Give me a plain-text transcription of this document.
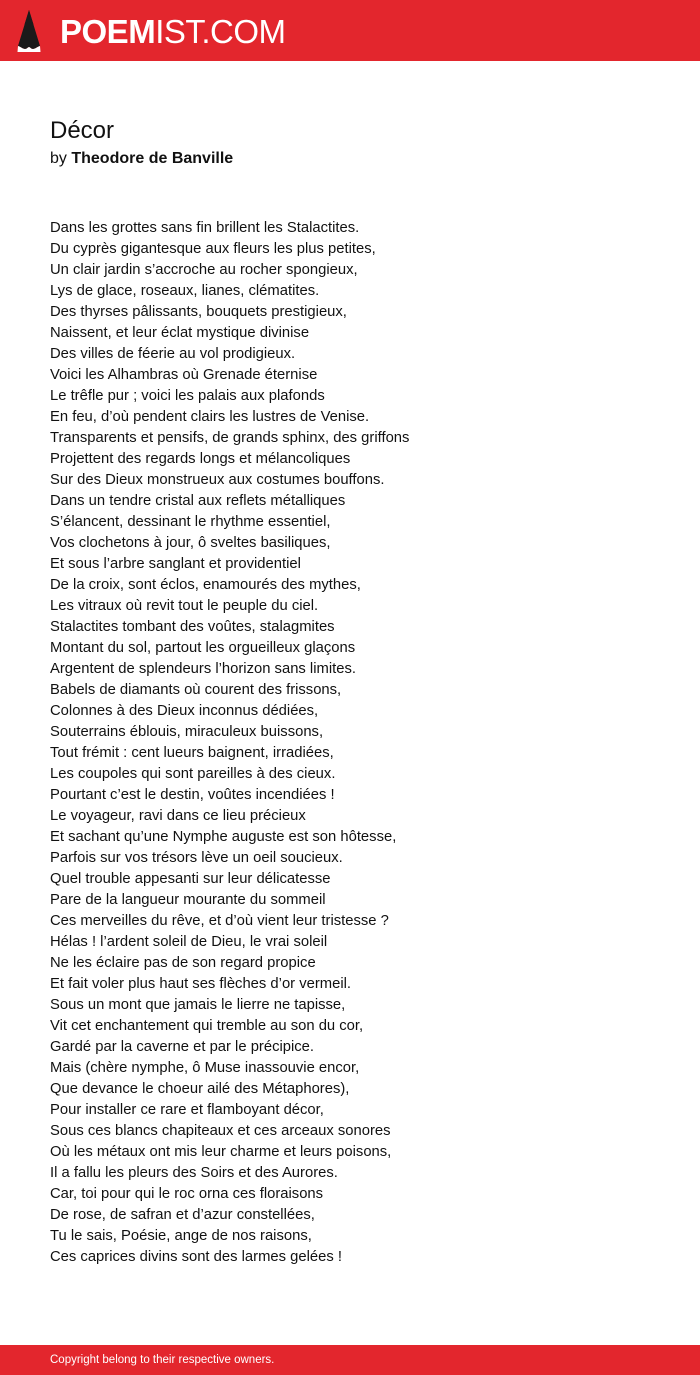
POEMIST.COM
Décor
by Theodore de Banville
Dans les grottes sans fin brillent les Stalactites.
Du cyprès gigantesque aux fleurs les plus petites,
Un clair jardin s’accroche au rocher spongieux,
Lys de glace, roseaux, lianes, clématites.
Des thyrses pâlissants, bouquets prestigieux,
Naissent, et leur éclat mystique divinise
Des villes de féerie au vol prodigieux.
Voici les Alhambras où Grenade éternise
Le trêfle pur ; voici les palais aux plafonds
En feu, d’où pendent clairs les lustres de Venise.
Transparents et pensifs, de grands sphinx, des griffons
Projettent des regards longs et mélancoliques
Sur des Dieux monstrueux aux costumes bouffons.
Dans un tendre cristal aux reflets métalliques
S’élancent, dessinant le rhythme essentiel,
Vos clochetons à jour, ô sveltes basiliques,
Et sous l’arbre sanglant et providentiel
De la croix, sont éclos, enamourés des mythes,
Les vitraux où revit tout le peuple du ciel.
Stalactites tombant des voûtes, stalagmites
Montant du sol, partout les orgueilleux glaçons
Argentent de splendeurs l’horizon sans limites.
Babels de diamants où courent des frissons,
Colonnes à des Dieux inconnus dédiées,
Souterrains éblouis, miraculeux buissons,
Tout frémit : cent lueurs baignent, irradiées,
Les coupoles qui sont pareilles à des cieux.
Pourtant c’est le destin, voûtes incendiées !
Le voyageur, ravi dans ce lieu précieux
Et sachant qu’une Nymphe auguste est son hôtesse,
Parfois sur vos trésors lève un oeil soucieux.
Quel trouble appesanti sur leur délicatesse
Pare de la langueur mourante du sommeil
Ces merveilles du rêve, et d’où vient leur tristesse ?
Hélas ! l’ardent soleil de Dieu, le vrai soleil
Ne les éclaire pas de son regard propice
Et fait voler plus haut ses flèches d’or vermeil.
Sous un mont que jamais le lierre ne tapisse,
Vit cet enchantement qui tremble au son du cor,
Gardé par la caverne et par le précipice.
Mais (chère nymphe, ô Muse inassouvie encor,
Que devance le choeur ailé des Métaphores),
Pour installer ce rare et flamboyant décor,
Sous ces blancs chapiteaux et ces arceaux sonores
Où les métaux ont mis leur charme et leurs poisons,
Il a fallu les pleurs des Soirs et des Aurores.
Car, toi pour qui le roc orna ces floraisons
De rose, de safran et d’azur constellées,
Tu le sais, Poésie, ange de nos raisons,
Ces caprices divins sont des larmes gelées !
Copyright belong to their respective owners.
